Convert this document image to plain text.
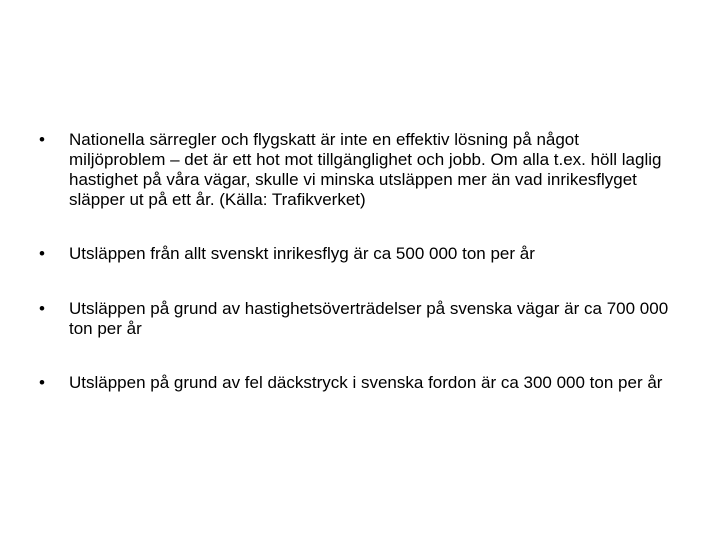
• Nationella särregler och flygskatt är inte en effektiv lösning på något miljöproblem – det är ett hot mot tillgänglighet och jobb. Om alla t.ex. höll laglig hastighet på våra vägar, skulle vi minska utsläppen mer än vad inrikesflyget släpper ut på ett år. (Källa: Trafikverket)
• Utsläppen från allt svenskt inrikesflyg är ca 500 000 ton per år
• Utsläppen på grund av hastighetsöverträdelser på svenska vägar är ca 700 000 ton per år
• Utsläppen på grund av fel däckstryck i svenska fordon är ca 300 000 ton per år
